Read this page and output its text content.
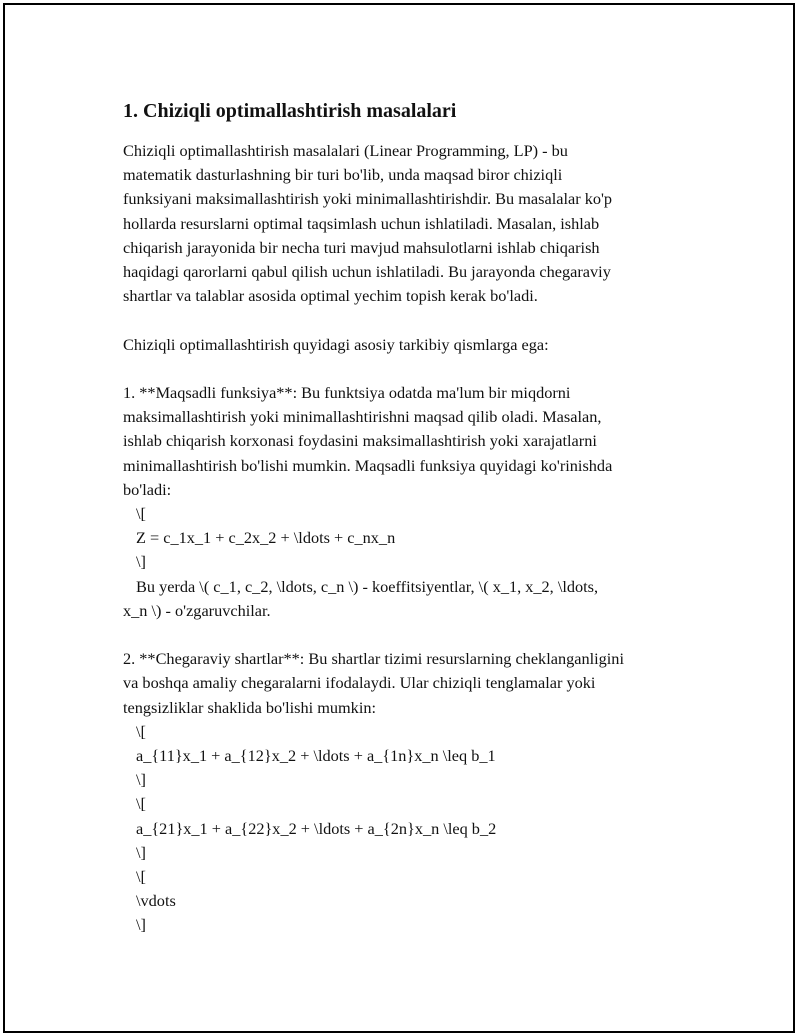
1. Chiziqli optimallashtirish masalalari
Chiziqli optimallashtirish masalalari (Linear Programming, LP) - bu
matematik dasturlashning bir turi bo'lib, unda maqsad biror chiziqli
funksiyani maksimallashtirish yoki minimallashtirishdir. Bu masalalar ko'p
hollarda resurslarni optimal taqsimlash uchun ishlatiladi. Masalan, ishlab
chiqarish jarayonida bir necha turi mavjud mahsulotlarni ishlab chiqarish
haqidagi qarorlarni qabul qilish uchun ishlatiladi. Bu jarayonda chegaraviy
shartlar va talablar asosida optimal yechim topish kerak bo'ladi.
Chiziqli optimallashtirish quyidagi asosiy tarkibiy qismlarga ega:
1. **Maqsadli funksiya**: Bu funktsiya odatda ma'lum bir miqdorni
maksimallashtirish yoki minimallashtirishni maqsad qilib oladi. Masalan,
ishlab chiqarish korxonasi foydasini maksimallashtirish yoki xarajatlarni
minimallashtirish bo'lishi mumkin. Maqsadli funksiya quyidagi ko'rinishda
bo'ladi:
\[
Z = c_1x_1 + c_2x_2 + \ldots + c_nx_n
\]
Bu yerda \( c_1, c_2, \ldots, c_n \) - koeffitsiyentlar, \( x_1, x_2, \ldots,
x_n \) - o'zgaruvchilar.
2. **Chegaraviy shartlar**: Bu shartlar tizimi resurslarning cheklanganligini
va boshqa amaliy chegaralarni ifodalaydi. Ular chiziqli tenglamalar yoki
tengsizliklar shaklida bo'lishi mumkin:
\[
a_{11}x_1 + a_{12}x_2 + \ldots + a_{1n}x_n \leq b_1
\]
\[
a_{21}x_1 + a_{22}x_2 + \ldots + a_{2n}x_n \leq b_2
\]
\[
\vdots
\]
